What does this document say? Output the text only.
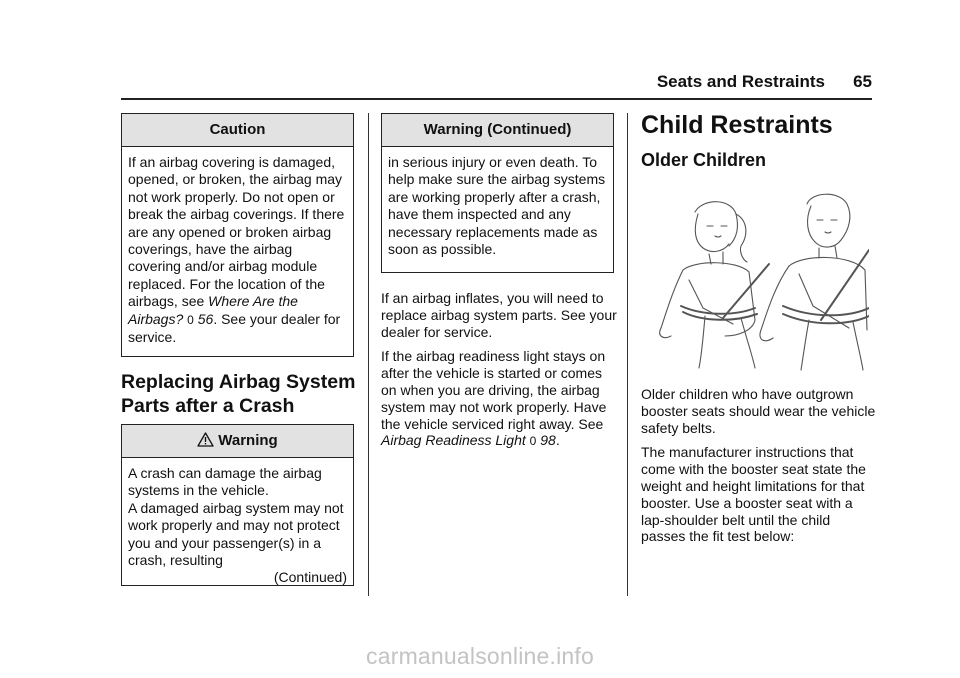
Seats and Restraints 65
Caution

If an airbag covering is damaged, opened, or broken, the airbag may not work properly. Do not open or break the airbag coverings. If there are any opened or broken airbag coverings, have the airbag covering and/or airbag module replaced. For the location of the airbags, see Where Are the Airbags? 0 56. See your dealer for service.

Replacing Airbag System
Parts after a Crash
Warning

A crash can damage the airbag systems in the vehicle.

A damaged airbag system may not work properly and may not protect you and your passenger(s) in a crash, resulting

(Continued)

Warning (Continued)
in serious injury or even death. To help make sure the airbag systems are working properly after a crash, have them inspected and any necessary replacements made as soon as possible.

If an airbag inflates, you will need to replace airbag system parts. See your dealer for service.

If the airbag readiness light stays on after the vehicle is started or comes on when you are driving, the airbag system may not work properly. Have the vehicle serviced right away. See Airbag Readiness Light 0 98.

Child Restraints
Older Children

Older children who have outgrown booster seats should wear the vehicle safety belts.

The manufacturer instructions that come with the booster seat state the weight and height limitations for that booster. Use a booster seat with a lap-shoulder belt until the child passes the fit test below:

carmanualsonline.info
